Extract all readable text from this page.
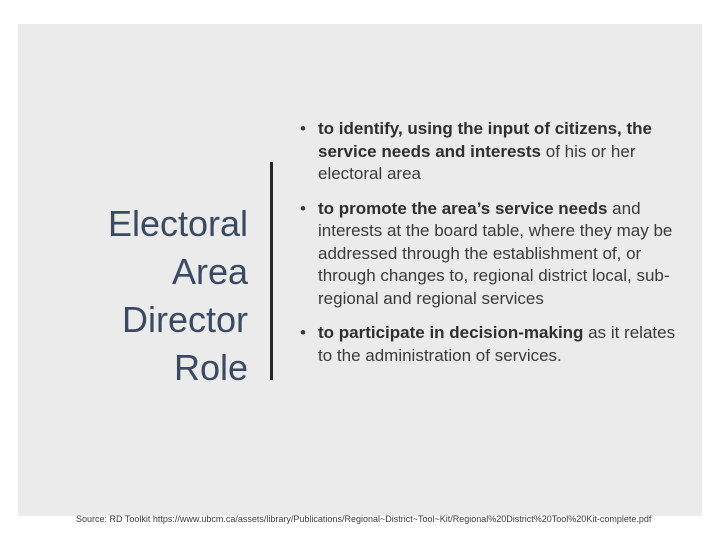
Electoral
Area
Director
Role
• to identify, using the input of citizens, the service needs and interests of his or her electoral area
• to promote the area’s service needs and interests at the board table, where they may be addressed through the establishment of, or through changes to, regional district local, sub-regional and regional services
• to participate in decision-making as it relates to the administration of services.
Source: RD Toolkit https://www.ubcm.ca/assets/library/Publications/Regional~District~Tool~Kit/Regional%20District%20Tool%20Kit-complete.pdf
